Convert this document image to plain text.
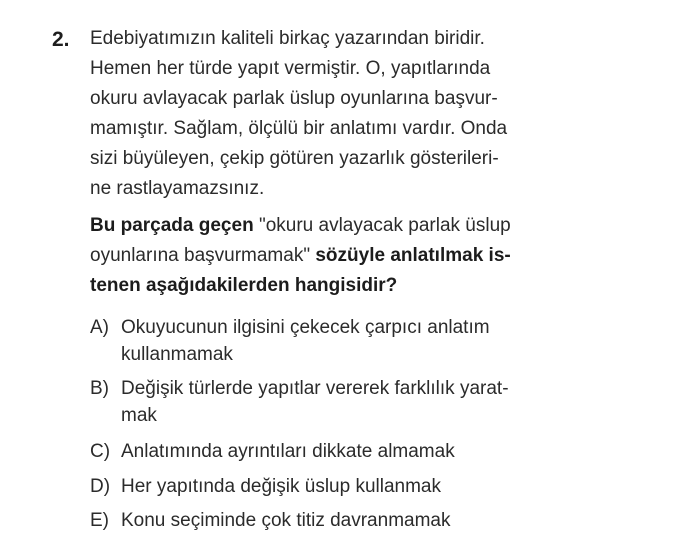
2. Edebiyatımızın kaliteli birkaç yazarından biridir.
Hemen her türde yapıt vermiştir. O, yapıtlarında
okuru avlayacak parlak üslup oyunlarına başvur-
mamıştır. Sağlam, ölçülü bir anlatımı vardır. Onda
sizi büyüleyen, çekip götüren yazarlık gösterileri-
ne rastlayamazsınız.
Bu parçada geçen "okuru avlayacak parlak üslup
oyunlarına başvurmamak" sözüyle anlatılmak is-
tenen aşağıdakilerden hangisidir?
A) Okuyucunun ilgisini çekecek çarpıcı anlatım
kullanmamak
B) Değişik türlerde yapıtlar vererek farklılık yarat-
mak
C) Anlatımında ayrıntıları dikkate almamak
D) Her yapıtında değişik üslup kullanmak
E) Konu seçiminde çok titiz davranmamak
